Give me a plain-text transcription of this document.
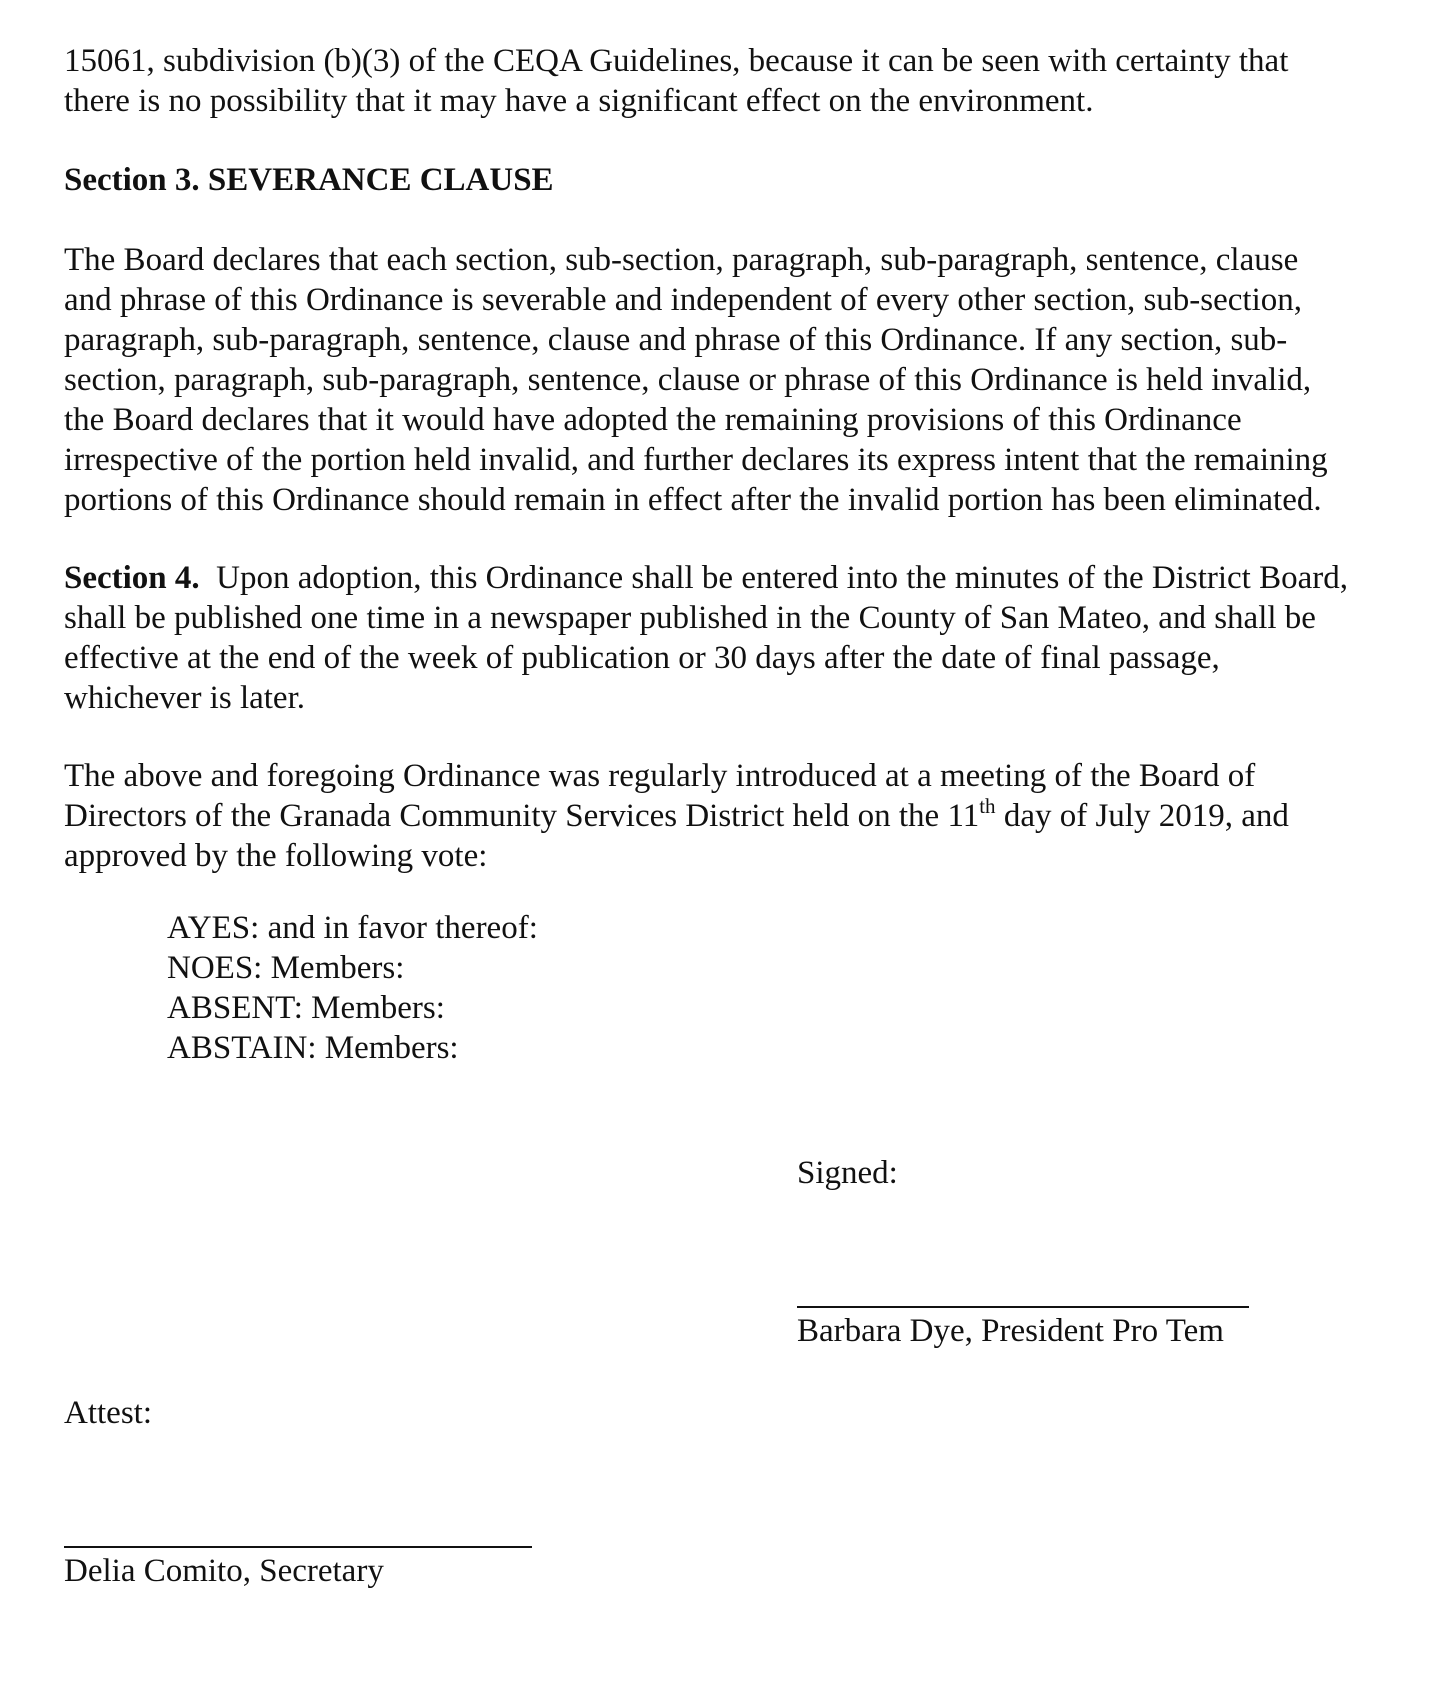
15061, subdivision (b)(3) of the CEQA Guidelines, because it can be seen with certainty that
there is no possibility that it may have a significant effect on the environment.
Section 3. SEVERANCE CLAUSE
The Board declares that each section, sub-section, paragraph, sub-paragraph, sentence, clause
and phrase of this Ordinance is severable and independent of every other section, sub-section,
paragraph, sub-paragraph, sentence, clause and phrase of this Ordinance. If any section, sub-
section, paragraph, sub-paragraph, sentence, clause or phrase of this Ordinance is held invalid,
the Board declares that it would have adopted the remaining provisions of this Ordinance
irrespective of the portion held invalid, and further declares its express intent that the remaining
portions of this Ordinance should remain in effect after the invalid portion has been eliminated.
Section 4.  Upon adoption, this Ordinance shall be entered into the minutes of the District Board,
shall be published one time in a newspaper published in the County of San Mateo, and shall be
effective at the end of the week of publication or 30 days after the date of final passage,
whichever is later.
The above and foregoing Ordinance was regularly introduced at a meeting of the Board of
Directors of the Granada Community Services District held on the 11th day of July 2019, and
approved by the following vote:
AYES: and in favor thereof:
NOES: Members:
ABSENT: Members:
ABSTAIN: Members:
Signed:
Barbara Dye, President Pro Tem
Attest:
Delia Comito, Secretary
